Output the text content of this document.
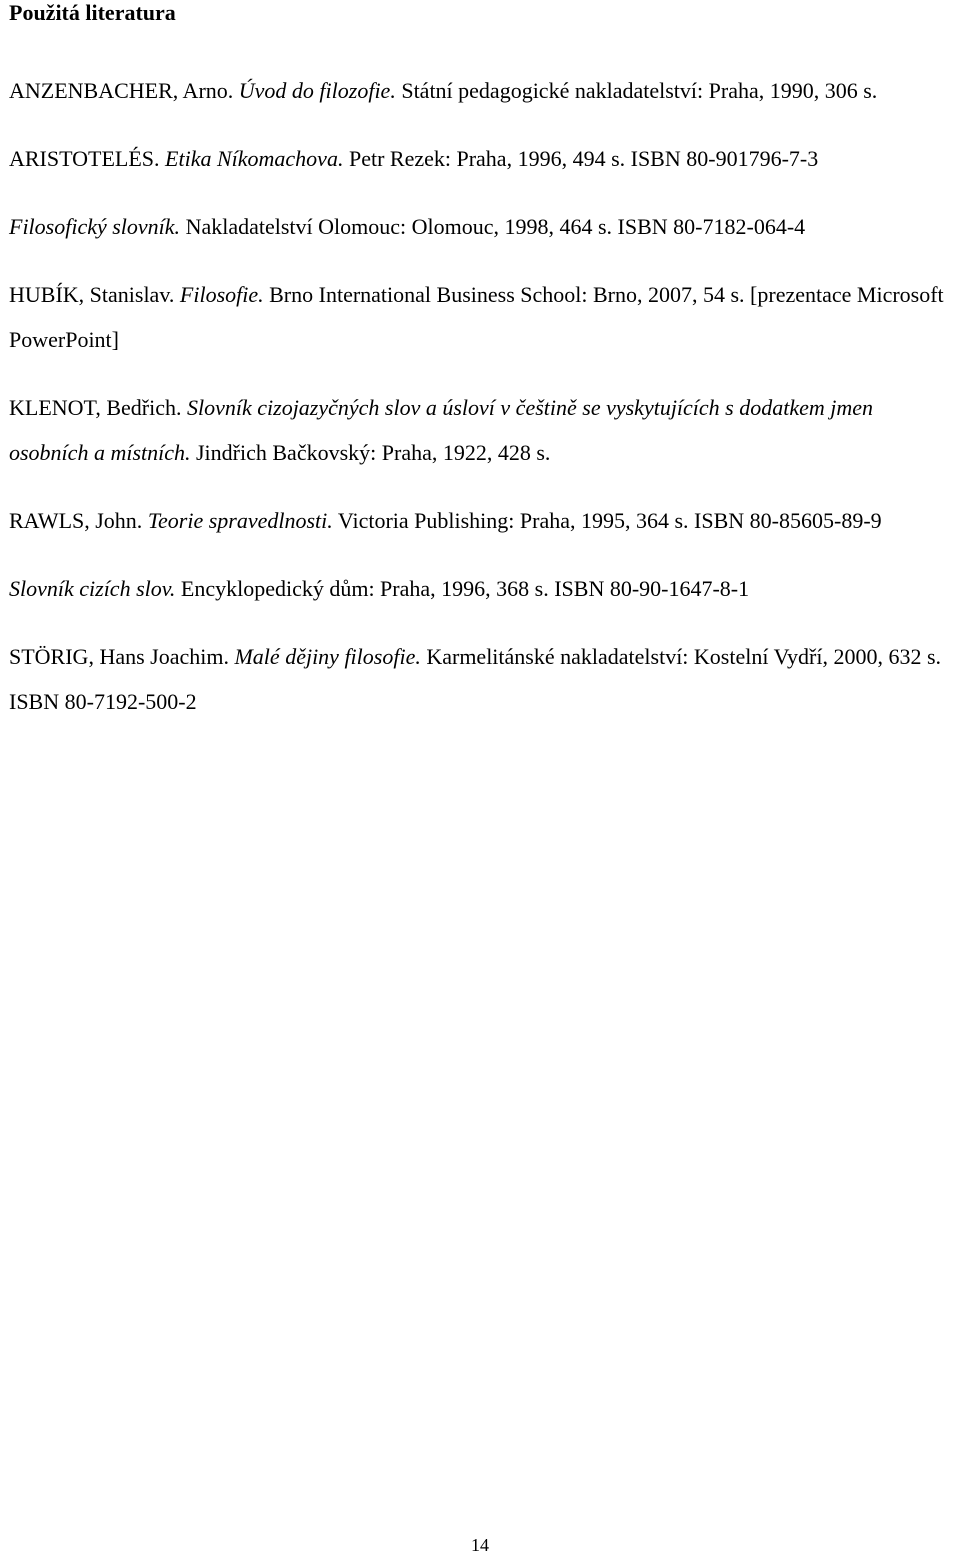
Použitá literatura
ANZENBACHER, Arno. Úvod do filozofie. Státní pedagogické nakladatelství: Praha, 1990, 306 s.
ARISTOTELÉS. Etika Níkomachova. Petr Rezek: Praha, 1996, 494 s. ISBN 80-901796-7-3
Filosofický slovník. Nakladatelství Olomouc: Olomouc, 1998, 464 s. ISBN 80-7182-064-4
HUBÍK, Stanislav. Filosofie. Brno International Business School: Brno, 2007, 54 s. [prezentace Microsoft PowerPoint]
KLENOT, Bedřich. Slovník cizojazyčných slov a úsloví v češtině se vyskytujících s dodatkem jmen osobních a místních. Jindřich Bačkovský: Praha, 1922, 428 s.
RAWLS, John. Teorie spravedlnosti. Victoria Publishing: Praha, 1995, 364 s. ISBN 80-85605-89-9
Slovník cizích slov. Encyklopedický dům: Praha, 1996, 368 s. ISBN 80-90-1647-8-1
STÖRIG, Hans Joachim. Malé dějiny filosofie. Karmelitánské nakladatelství: Kostelní Vydří, 2000, 632 s. ISBN 80-7192-500-2
14
